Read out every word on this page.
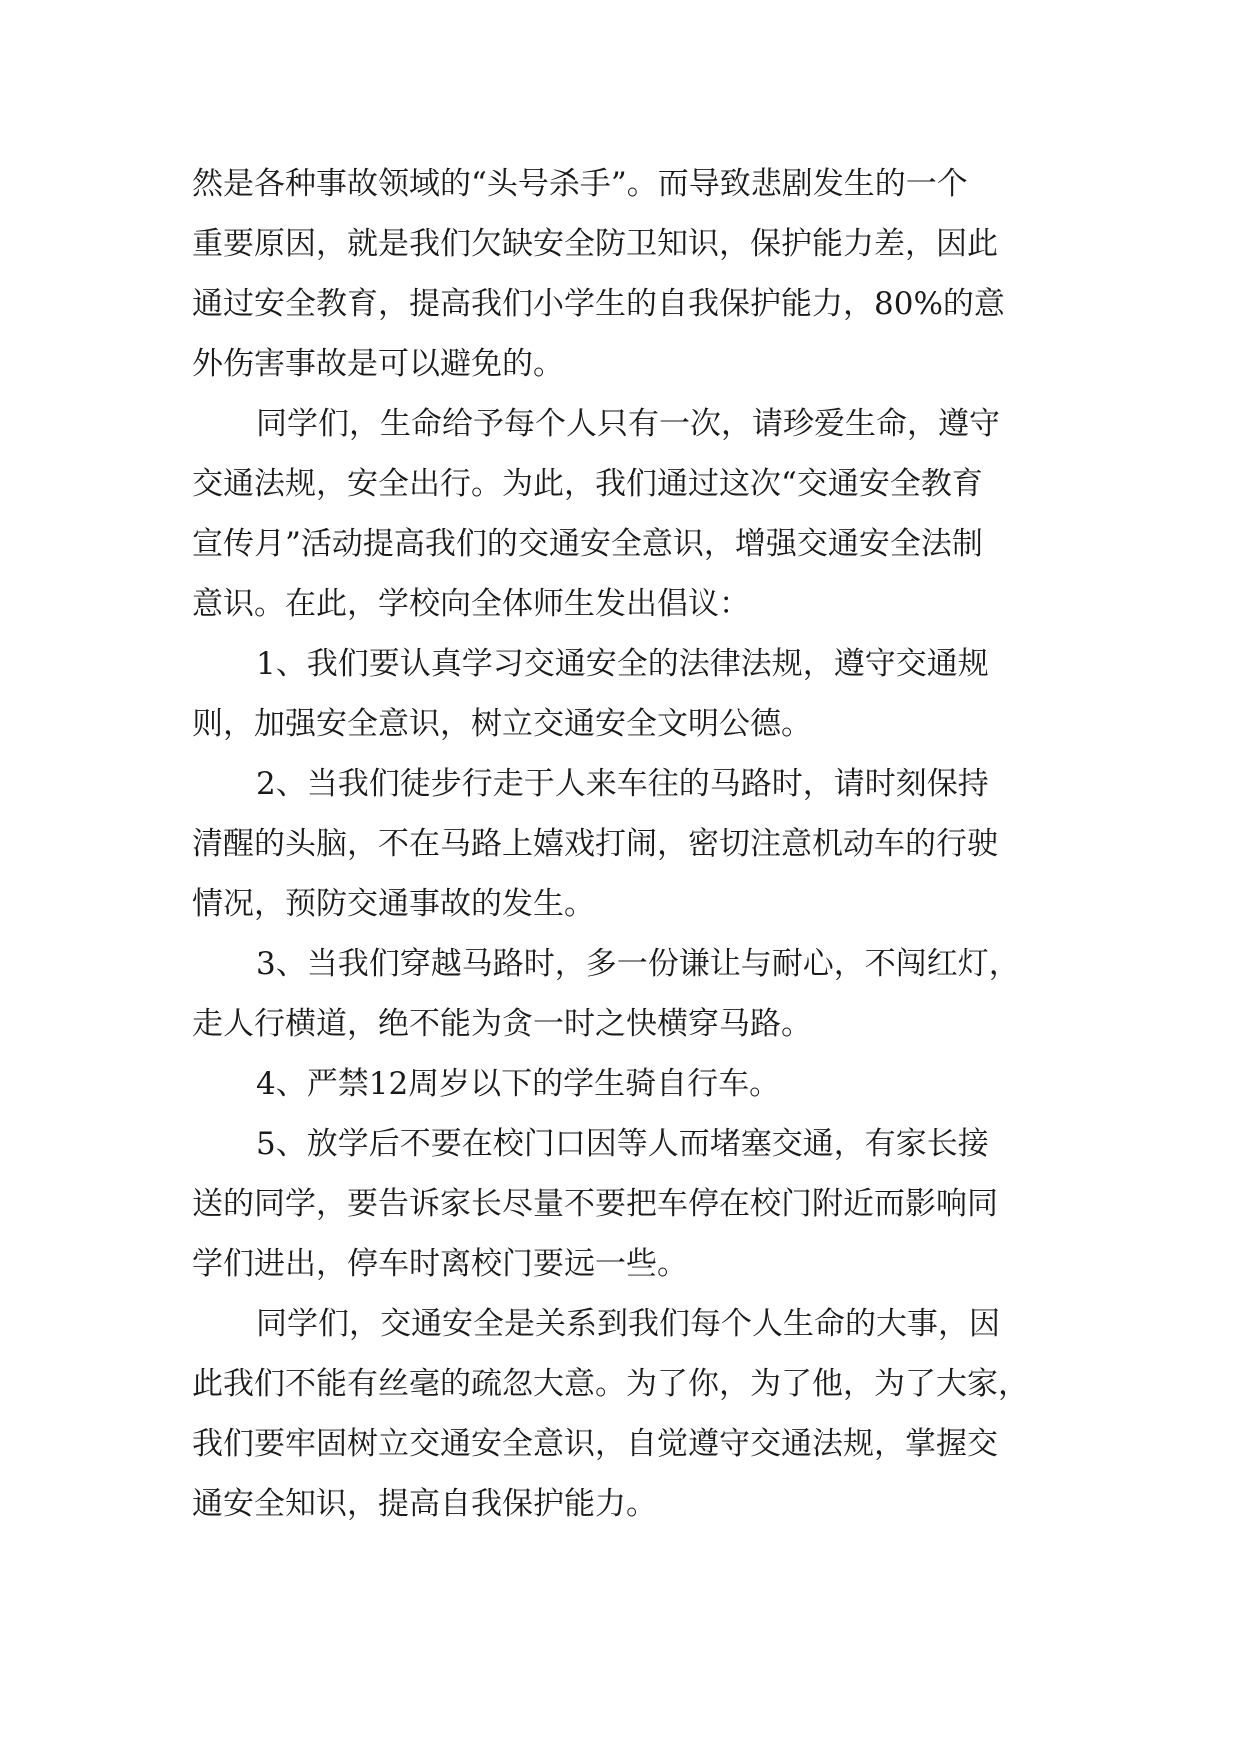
然是各种事故领域的“头号杀手”。而导致悲剧发生的一个
重要原因，就是我们欠缺安全防卫知识，保护能力差，因此
通过安全教育，提高我们小学生的自我保护能力，80%的意
外伤害事故是可以避免的。
同学们，生命给予每个人只有一次，请珍爱生命，遵守
交通法规，安全出行。为此，我们通过这次“交通安全教育
宣传月”活动提高我们的交通安全意识，增强交通安全法制
意识。在此，学校向全体师生发出倡议：
1、我们要认真学习交通安全的法律法规，遵守交通规
则，加强安全意识，树立交通安全文明公德。
2、当我们徒步行走于人来车往的马路时，请时刻保持
清醒的头脑，不在马路上嬉戏打闹，密切注意机动车的行驶
情况，预防交通事故的发生。
3、当我们穿越马路时，多一份谦让与耐心，不闯红灯，
走人行横道，绝不能为贪一时之快横穿马路。
4、严禁12周岁以下的学生骑自行车。
5、放学后不要在校门口因等人而堵塞交通，有家长接
送的同学，要告诉家长尽量不要把车停在校门附近而影响同
学们进出，停车时离校门要远一些。
同学们，交通安全是关系到我们每个人生命的大事，因
此我们不能有丝毫的疏忽大意。为了你，为了他，为了大家，
我们要牢固树立交通安全意识，自觉遵守交通法规，掌握交
通安全知识，提高自我保护能力。
